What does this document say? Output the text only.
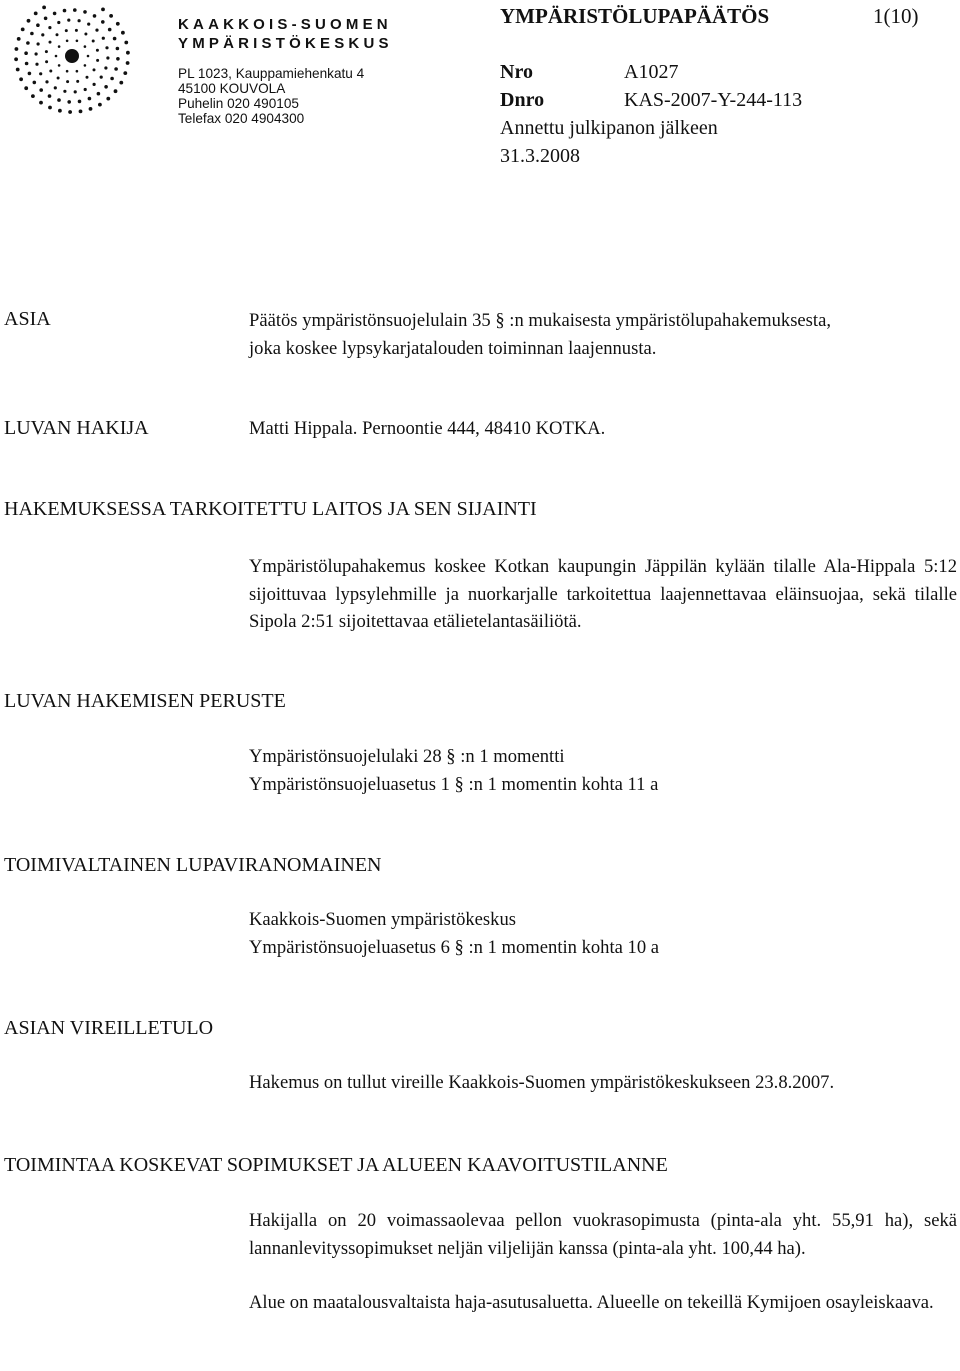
KAAKKOIS-SUOMEN
YMPÄRISTÖKESKUS
PL 1023, Kauppamiehenkatu 4
45100 KOUVOLA
Puhelin 020 490105
Telefax 020 4904300
YMPÄRISTÖLUPAPÄÄTÖS	1(10)
Nro	A1027
Dnro	KAS-2007-Y-244-113
Annettu julkipanon jälkeen
31.3.2008
ASIA	Päätös ympäristönsuojelulain 35 § :n mukaisesta ympäristölupahakemuksesta,
joka koskee lypsykarjatalouden toiminnan laajennusta.
LUVAN HAKIJA	Matti Hippala. Pernoontie 444, 48410 KOTKA.
HAKEMUKSESSA TARKOITETTU LAITOS JA SEN SIJAINTI
Ympäristölupahakemus koskee Kotkan kaupungin Jäppilän kylään tilalle Ala-Hippala 5:12 sijoittuvaa lypsylehmille ja nuorkarjalle tarkoitettua laajennettavaa eläinsuojaa, sekä tilalle Sipola 2:51 sijoitettavaa etälietelantasäiliötä.
LUVAN HAKEMISEN PERUSTE
Ympäristönsuojelulaki 28 § :n 1 momentti
Ympäristönsuojeluasetus 1 § :n 1 momentin kohta 11 a
TOIMIVALTAINEN LUPAVIRANOMAINEN
Kaakkois-Suomen ympäristökeskus
Ympäristönsuojeluasetus 6 § :n 1 momentin kohta 10 a
ASIAN VIREILLETULO
Hakemus on tullut vireille Kaakkois-Suomen ympäristökeskukseen 23.8.2007.
TOIMINTAA KOSKEVAT SOPIMUKSET JA ALUEEN KAAVOITUSTILANNE

Hakijalla on 20 voimassaolevaa pellon vuokrasopimusta (pinta-ala yht. 55,91 ha), sekä lannanlevityssopimukset neljän viljelijän kanssa (pinta-ala yht. 100,44 ha).

Alue on maatalousvaltaista haja-asutusaluetta. Alueelle on tekeillä Kymijoen osayleiskaava.
